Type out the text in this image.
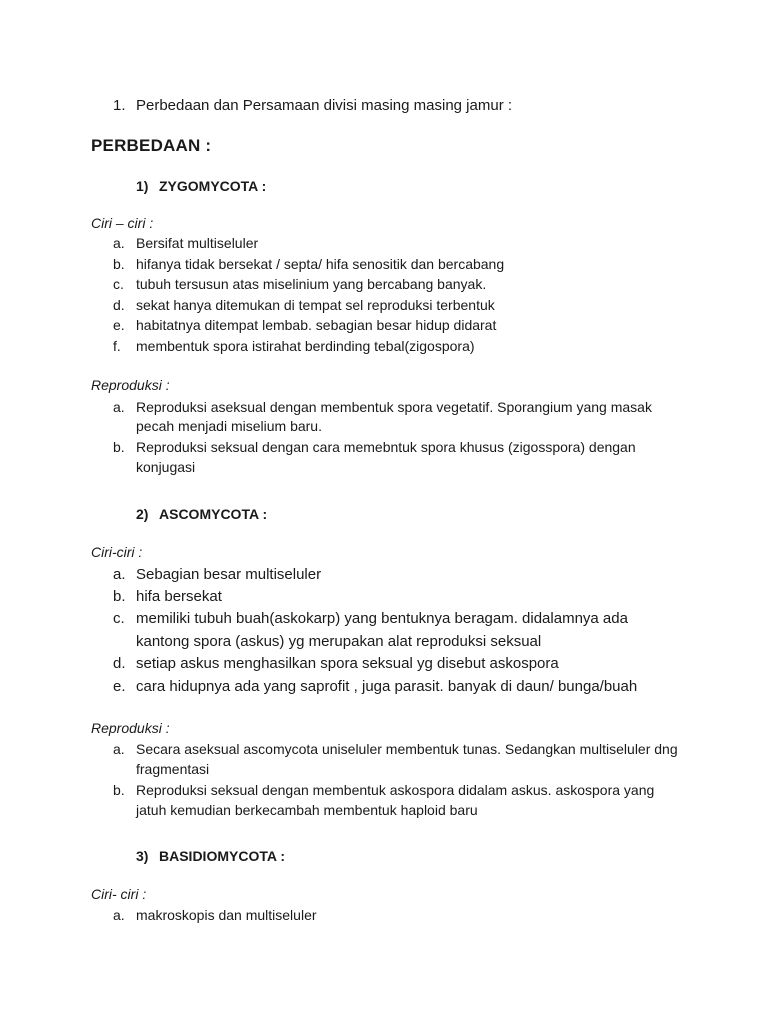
1. Perbedaan dan Persamaan divisi masing masing jamur :
PERBEDAAN :
1) ZYGOMYCOTA :
Ciri – ciri :
a. Bersifat multiseluler
b. hifanya tidak bersekat / septa/ hifa senositik dan bercabang
c. tubuh tersusun atas miselinium yang bercabang banyak.
d. sekat hanya ditemukan di tempat sel reproduksi terbentuk
e. habitatnya ditempat lembab. sebagian besar hidup didarat
f. membentuk spora istirahat berdinding tebal(zigospora)
Reproduksi :
a. Reproduksi aseksual dengan membentuk spora vegetatif. Sporangium yang masak
pecah menjadi miselium baru.
b. Reproduksi seksual dengan cara memebntuk spora khusus (zigosspora) dengan
konjugasi
2) ASCOMYCOTA :
Ciri-ciri :
a. Sebagian besar multiseluler
b. hifa bersekat
c. memiliki tubuh buah(askokarp) yang bentuknya beragam. didalamnya ada
kantong spora (askus) yg merupakan alat reproduksi seksual
d. setiap askus menghasilkan spora seksual yg disebut askospora
e. cara hidupnya ada yang saprofit , juga parasit. banyak di daun/ bunga/buah
Reproduksi :
a. Secara aseksual ascomycota uniseluler membentuk tunas. Sedangkan multiseluler dng
fragmentasi
b. Reproduksi seksual dengan membentuk askospora didalam askus. askospora yang
jatuh kemudian berkecambah membentuk haploid baru
3) BASIDIOMYCOTA :
Ciri- ciri :
a. makroskopis dan multiseluler
